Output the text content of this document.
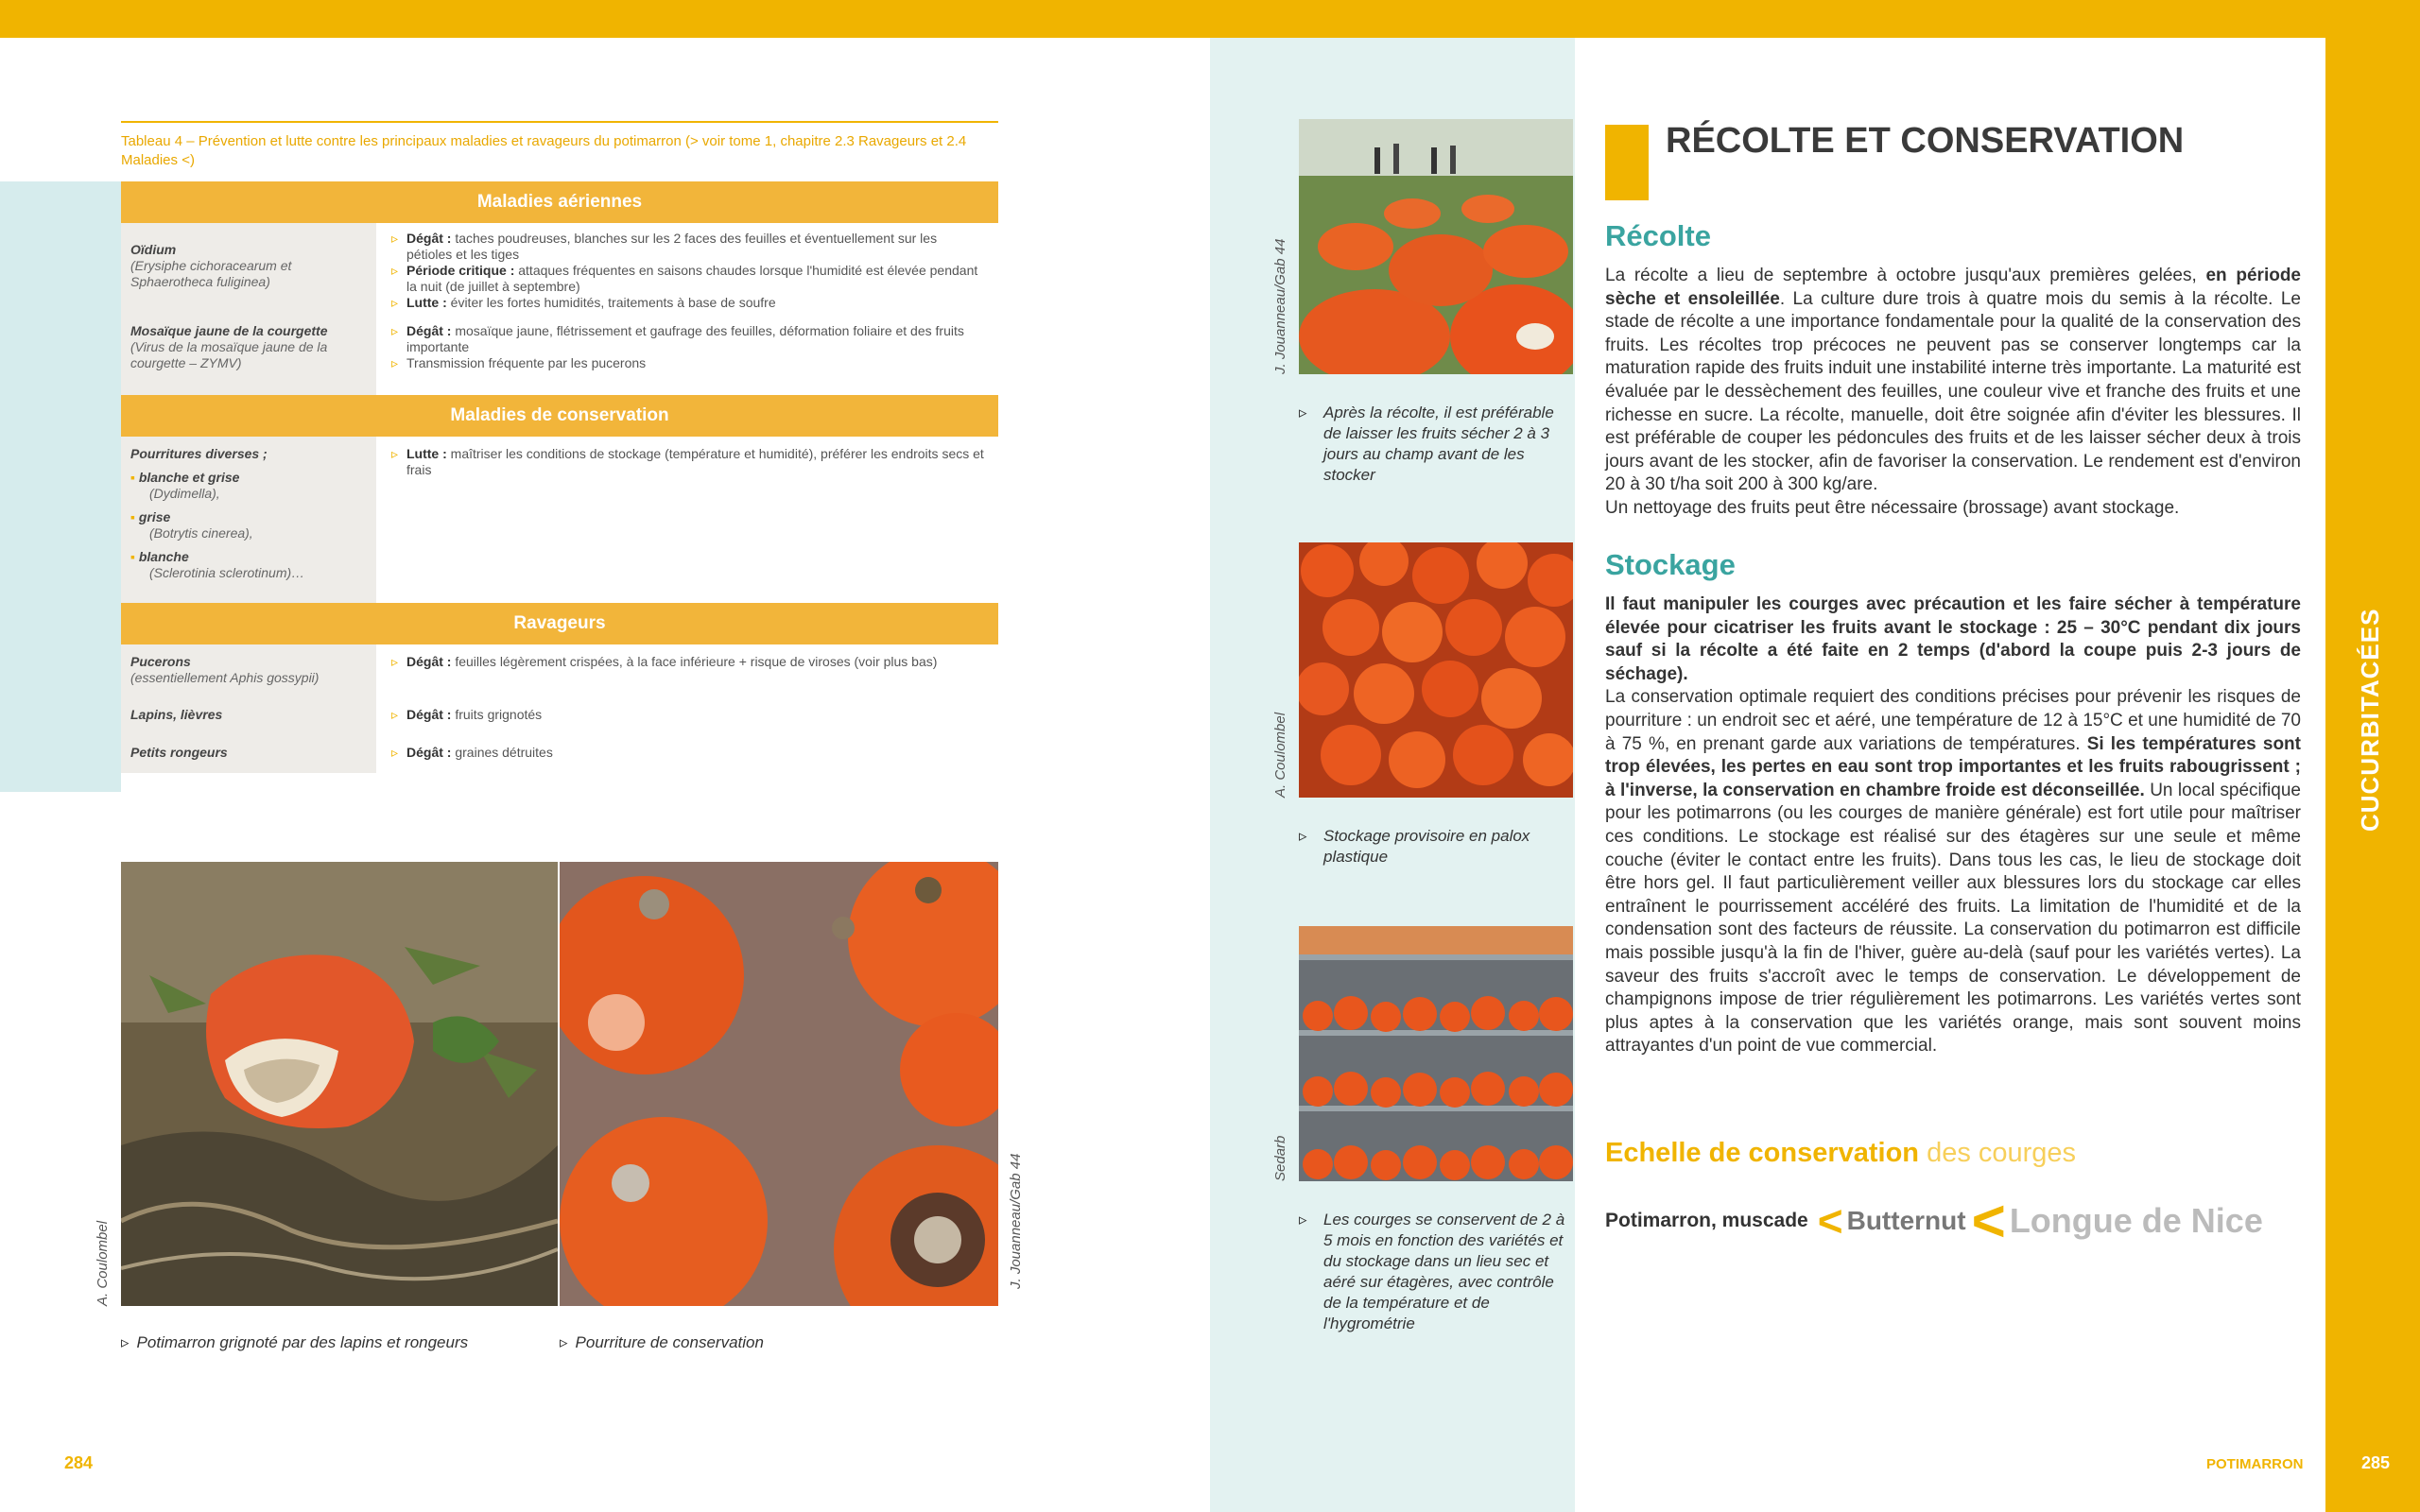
CUCURBITACÉES
Tableau 4 – Prévention et lutte contre les principaux maladies et ravageurs du potimarron (> voir tome 1, chapitre 2.3 Ravageurs et 2.4 Maladies <)
Maladies aériennes
Oïdium
(Erysiphe cichoracearum et Sphaerotheca fuliginea)
▹ Dégât : taches poudreuses, blanches sur les 2 faces des feuilles et éventuellement sur les pétioles et les tiges
▹ Période critique : attaques fréquentes en saisons chaudes lorsque l'humidité est élevée pendant la nuit (de juillet à septembre)
▹ Lutte : éviter les fortes humidités, traitements à base de soufre
Mosaïque jaune de la courgette
(Virus de la mosaïque jaune de la courgette – ZYMV)
▹ Dégât : mosaïque jaune, flétrissement et gaufrage des feuilles, déformation foliaire et des fruits importante
▹ Transmission fréquente par les pucerons
Maladies de conservation
Pourritures diverses ;
▪ blanche et grise
(Dydimella),
▪ grise
(Botrytis cinerea),
▪ blanche
(Sclerotinia sclerotinum)…
▹ Lutte : maîtriser les conditions de stockage (température et humidité), préférer les endroits secs et frais
Ravageurs
Pucerons
(essentiellement Aphis gossypii)
▹ Dégât : feuilles légèrement crispées, à la face inférieure + risque de viroses (voir plus bas)
Lapins, lièvres	▹ Dégât : fruits grignotés
Petits rongeurs	▹ Dégât : graines détruites
A. Coulombel	J. Jouanneau/Gab 44
▹ Potimarron grignoté par des lapins et rongeurs	▹ Pourriture de conservation
284
J. Jouanneau/Gab 44
A. Coulombel
Sedarb
▹	Après la récolte, il est préférable de laisser les fruits sécher 2 à 3 jours au champ avant de les stocker
▹	Stockage provisoire en palox plastique
▹	Les courges se conservent de 2 à 5 mois en fonction des variétés et du stockage dans un lieu sec et aéré sur étagères, avec contrôle de la température et de l'hygrométrie
RÉCOLTE ET CONSERVATION
Récolte
La récolte a lieu de septembre à octobre jusqu'aux premières gelées, en période sèche et ensoleillée. La culture dure trois à quatre mois du semis à la récolte. Le stade de récolte a une importance fondamentale pour la qualité de la conservation des fruits. Les récoltes trop précoces ne peuvent pas se conserver longtemps car la maturation rapide des fruits induit une instabilité interne très importante. La maturité est évaluée par le dessèchement des feuilles, une couleur vive et franche des fruits et une richesse en sucre. La récolte, manuelle, doit être soignée afin d'éviter les blessures. Il est préférable de couper les pédoncules des fruits et de les laisser sécher deux à trois jours avant de les stocker, afin de favoriser la conservation. Le rendement est d'environ 20 à 30 t/ha soit 200 à 300 kg/are.
Un nettoyage des fruits peut être nécessaire (brossage) avant stockage.
Stockage
Il faut manipuler les courges avec précaution et les faire sécher à température élevée pour cicatriser les fruits avant le stockage : 25 – 30°C pendant dix jours sauf si la récolte a été faite en 2 temps (d'abord la coupe puis 2-3 jours de séchage).
La conservation optimale requiert des conditions précises pour prévenir les risques de pourriture : un endroit sec et aéré, une température de 12 à 15°C et une humidité de 70 à 75 %, en prenant garde aux variations de températures. Si les températures sont trop élevées, les pertes en eau sont trop importantes et les fruits rabougrissent ; à l'inverse, la conservation en chambre froide est déconseillée. Un local spécifique pour les potimarrons (ou les courges de manière générale) est fort utile pour maîtriser ces conditions. Le stockage est réalisé sur des étagères sur une seule et même couche (éviter le contact entre les fruits). Dans tous les cas, le lieu de stockage doit être hors gel. Il faut particulièrement veiller aux blessures lors du stockage car elles entraînent le pourrissement accéléré des fruits. La limitation de l'humidité et de la condensation sont des facteurs de réussite. La conservation du potimarron est difficile mais possible jusqu'à la fin de l'hiver, guère au-delà (sauf pour les variétés vertes). La saveur des fruits s'accroît avec le temps de conservation. Le développement de champignons impose de trier régulièrement les potimarrons. Les variétés vertes sont plus aptes à la conservation que les variétés orange, mais sont souvent moins attrayantes d'un point de vue commercial.
Echelle de conservation des courges
Potimarron, muscade < Butternut < Longue de Nice
POTIMARRON	285
